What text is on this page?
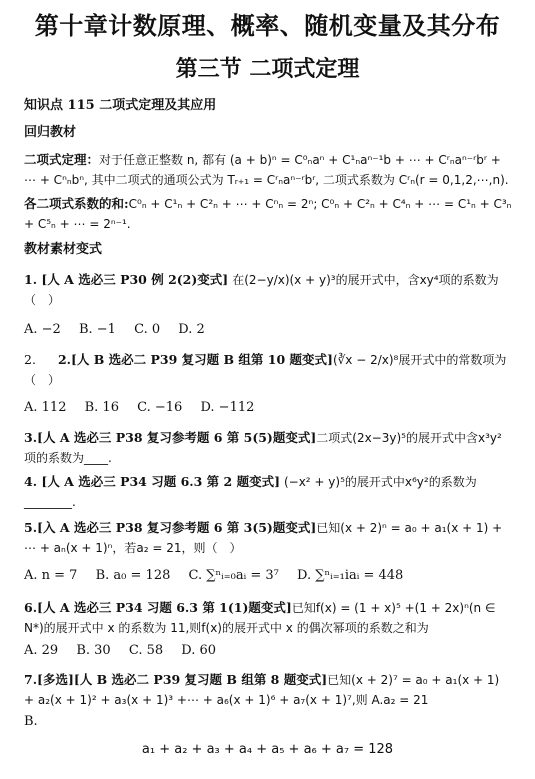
第十章计数原理、概率、随机变量及其分布
第三节 二项式定理
知识点 115 二项式定理及其应用
回归教材
二项式定理：对于任意正整数 n, 都有 (a + b)ⁿ = C⁰ₙaⁿ + C¹ₙaⁿ⁻¹b + ⋯ + Cʳₙaⁿ⁻ʳbʳ + ⋯ + Cⁿₙbⁿ, 其中二项式的通项公式为 Tᵣ₊₁ = Cʳₙaⁿ⁻ʳbʳ, 二项式系数为 Cʳₙ(r = 0,1,2,⋯,n).
各二项式系数的和:C⁰ₙ + C¹ₙ + C²ₙ + ⋯ + Cⁿₙ = 2ⁿ; C⁰ₙ + C²ₙ + C⁴ₙ + ⋯ = C¹ₙ + C³ₙ + C⁵ₙ + ⋯ = 2ⁿ⁻¹.
教材素材变式
1. [人 A 选必三 P30 例 2(2)变式] 在(2−y/x)(x + y)³的展开式中，含xy⁴项的系数为（　）
A. −2 B. −1 C. 0 D. 2
2. 2.[人 B 选必二 P39 复习题 B 组第 10 题变式](∛x − 2/x)⁸展开式中的常数项为（　）
A. 112 B. 16 C. −16 D. −112
3.[人 A 选必三 P38 复习参考题 6 第 5(5)题变式]二项式(2x−3y)⁵的展开式中含x³y²项的系数为____.
4. [人 A 选必三 P34 习题 6.3 第 2 题变式] (−x² + y)⁵的展开式中x⁶y²的系数为________.
5.[入 A 选必三 P38 复习参考题 6 第 3(5)题变式]已知(x + 2)ⁿ = a₀ + a₁(x + 1) + ⋯ + aₙ(x + 1)ⁿ，若a₂ = 21，则（　）
A. n = 7 B. a₀ = 128 C. ∑ⁿᵢ₌₀aᵢ = 3⁷ D. ∑ⁿᵢ₌₁iaᵢ = 448
6.[人 A 选必三 P34 习题 6.3 第 1(1)题变式]已知f(x) = (1 + x)⁵ +(1 + 2x)ⁿ(n ∈ N*)的展开式中 x 的系数为 11,则f(x)的展开式中 x 的偶次幂项的系数之和为
A. 29 B. 30 C. 58 D. 60
7.[多选][人 B 选必二 P39 复习题 B 组第 8 题变式]已知(x + 2)⁷ = a₀ + a₁(x + 1) + a₂(x + 1)² + a₃(x + 1)³ +⋯ + a₆(x + 1)⁶ + a₇(x + 1)⁷,则 A.a₂ = 21
B.
a₁ + a₂ + a₃ + a₄ + a₅ + a₆ + a₇ = 128
